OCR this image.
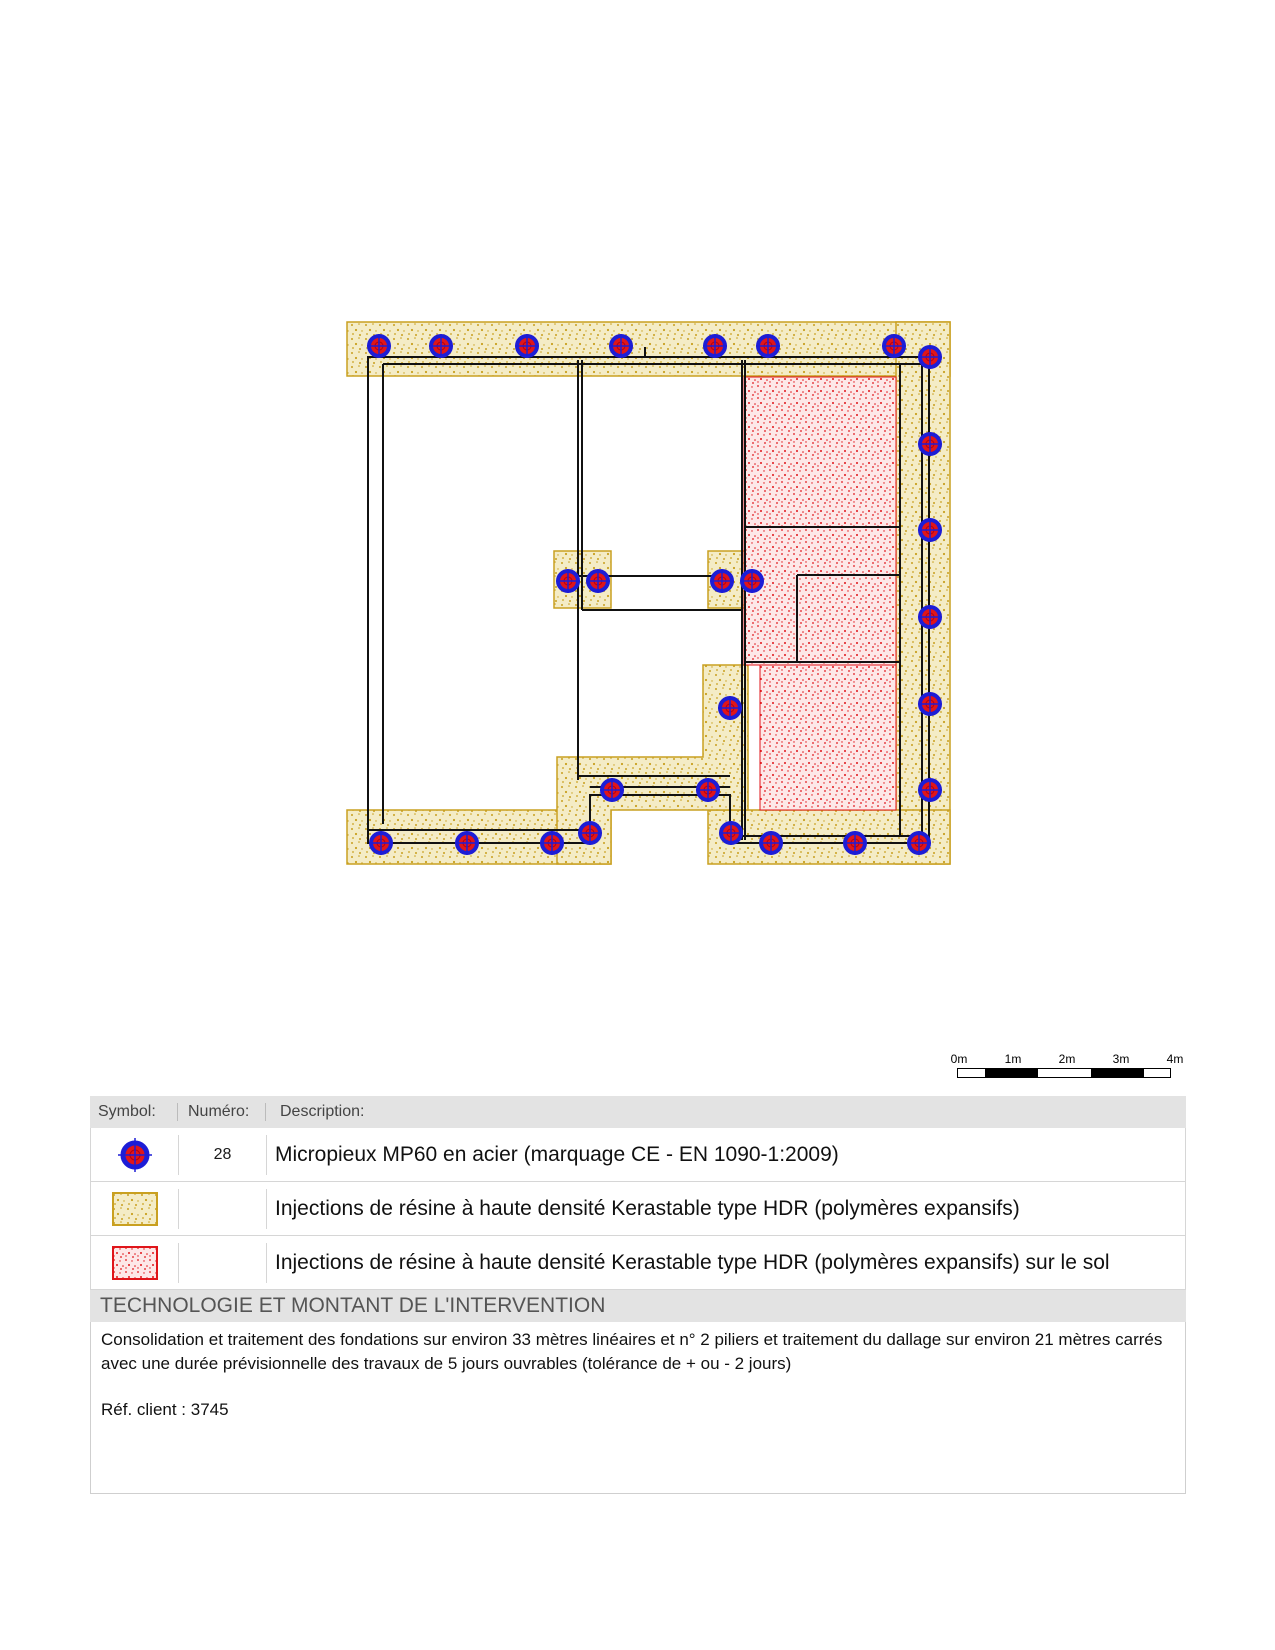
0m	1m	2m	3m	4m
Symbol:	Numéro:	Description:
28	Micropieux MP60 en acier (marquage CE - EN 1090-1:2009)
Injections de résine à haute densité Kerastable type HDR (polymères expansifs)
Injections de résine à haute densité Kerastable type HDR (polymères expansifs) sur le sol
TECHNOLOGIE ET MONTANT DE L'INTERVENTION

Consolidation et traitement des fondations sur environ 33 mètres linéaires et n° 2 piliers et traitement du dallage sur environ 21 mètres carrés avec une durée prévisionnelle des travaux de 5 jours ouvrables (tolérance de + ou - 2 jours)

Réf. client : 3745
